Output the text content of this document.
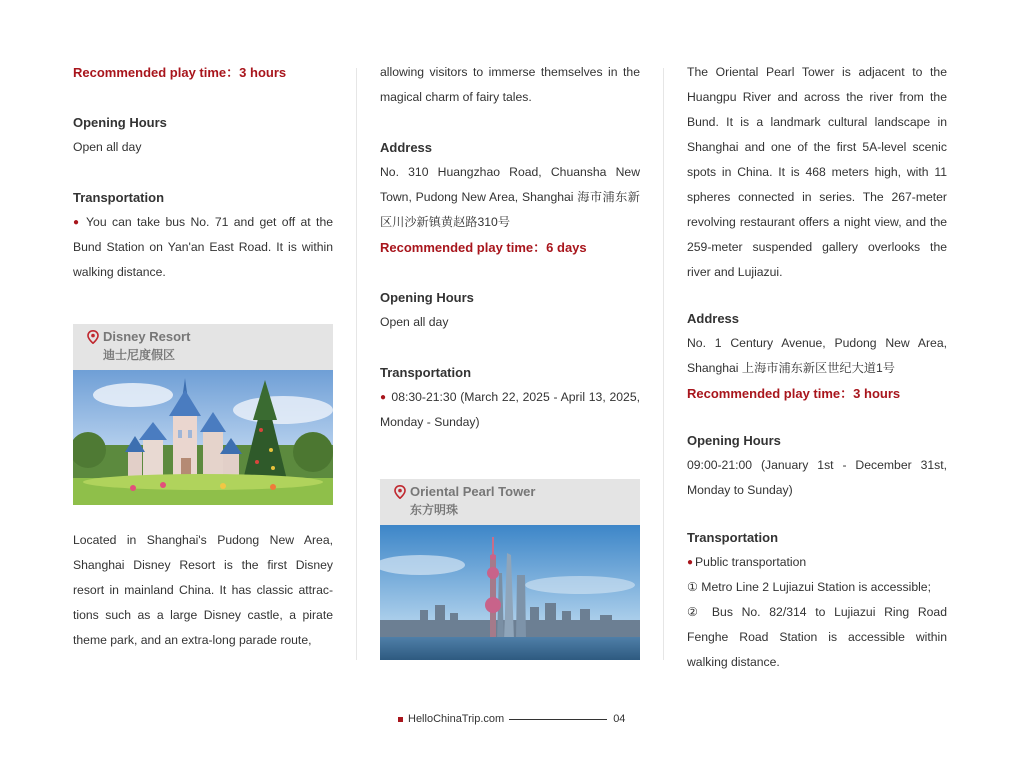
Recommended play time：3 hours

Opening Hours

Open all day

Transportation

● You can take bus No. 71 and get off at the Bund Station on Yan'an East Road. It is within walking distance.

Disney Resort
迪士尼度假区

Located in Shanghai's Pudong New Area, Shanghai Disney Resort is the first Disney resort in mainland China. It has classic attrac-tions such as a large Disney castle, a pirate theme park, and an extra-long parade route,

allowing visitors to immerse themselves in the magical charm of fairy tales.

Address

No. 310 Huangzhao Road, Chuansha New Town, Pudong New Area, Shanghai 海市浦东新区川沙新镇黄赵路310号

Recommended play time：6 days

Opening Hours

Open all day

Transportation

● 08:30-21:30 (March 22, 2025 - April 13, 2025, Monday - Sunday)

Oriental Pearl Tower
东方明珠

The Oriental Pearl Tower is adjacent to the Huangpu River and across the river from the Bund. It is a landmark cultural landscape in Shanghai and one of the first 5A-level scenic spots in China. It is 468 meters high, with 11 spheres connected in series. The 267-meter revolving restaurant offers a night view, and the 259-meter suspended gallery overlooks the river and Lujiazui.

Address

No. 1 Century Avenue, Pudong New Area, Shanghai 上海市浦东新区世纪大道1号

Recommended play time：3 hours

Opening Hours

09:00-21:00 (January 1st - December 31st, Monday to Sunday)

Transportation

● Public transportation

① Metro Line 2 Lujiazui Station is accessible;

② Bus No. 82/314 to Lujiazui Ring Road Fenghe Road Station is accessible within walking distance.

HelloChinaTrip.com	04
